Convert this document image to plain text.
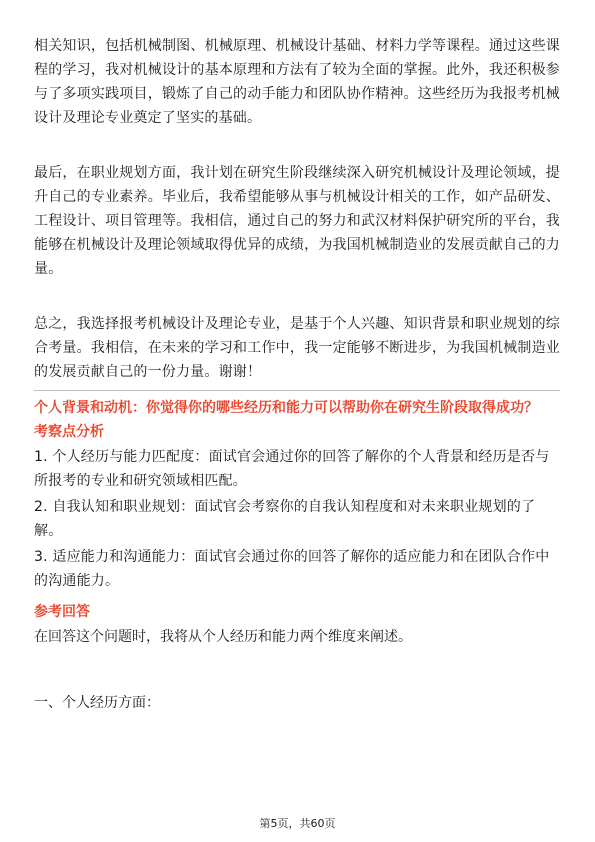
相关知识，包括机械制图、机械原理、机械设计基础、材料力学等课程。通过这些课程的学习，我对机械设计的基本原理和方法有了较为全面的掌握。此外，我还积极参与了多项实践项目，锻炼了自己的动手能力和团队协作精神。这些经历为我报考机械设计及理论专业奠定了坚实的基础。

最后，在职业规划方面，我计划在研究生阶段继续深入研究机械设计及理论领域，提升自己的专业素养。毕业后，我希望能够从事与机械设计相关的工作，如产品研发、工程设计、项目管理等。我相信，通过自己的努力和武汉材料保护研究所的平台，我能够在机械设计及理论领域取得优异的成绩，为我国机械制造业的发展贡献自己的力量。

总之，我选择报考机械设计及理论专业，是基于个人兴趣、知识背景和职业规划的综合考量。我相信，在未来的学习和工作中，我一定能够不断进步，为我国机械制造业的发展贡献自己的一份力量。谢谢！

个人背景和动机：你觉得你的哪些经历和能力可以帮助你在研究生阶段取得成功？
考察点分析
1. 个人经历与能力匹配度：面试官会通过你的回答了解你的个人背景和经历是否与所报考的专业和研究领域相匹配。
2. 自我认知和职业规划：面试官会考察你的自我认知程度和对未来职业规划的了解。
3. 适应能力和沟通能力：面试官会通过你的回答了解你的适应能力和在团队合作中的沟通能力。
参考回答

在回答这个问题时，我将从个人经历和能力两个维度来阐述。

一、个人经历方面：

第5页，共60页
